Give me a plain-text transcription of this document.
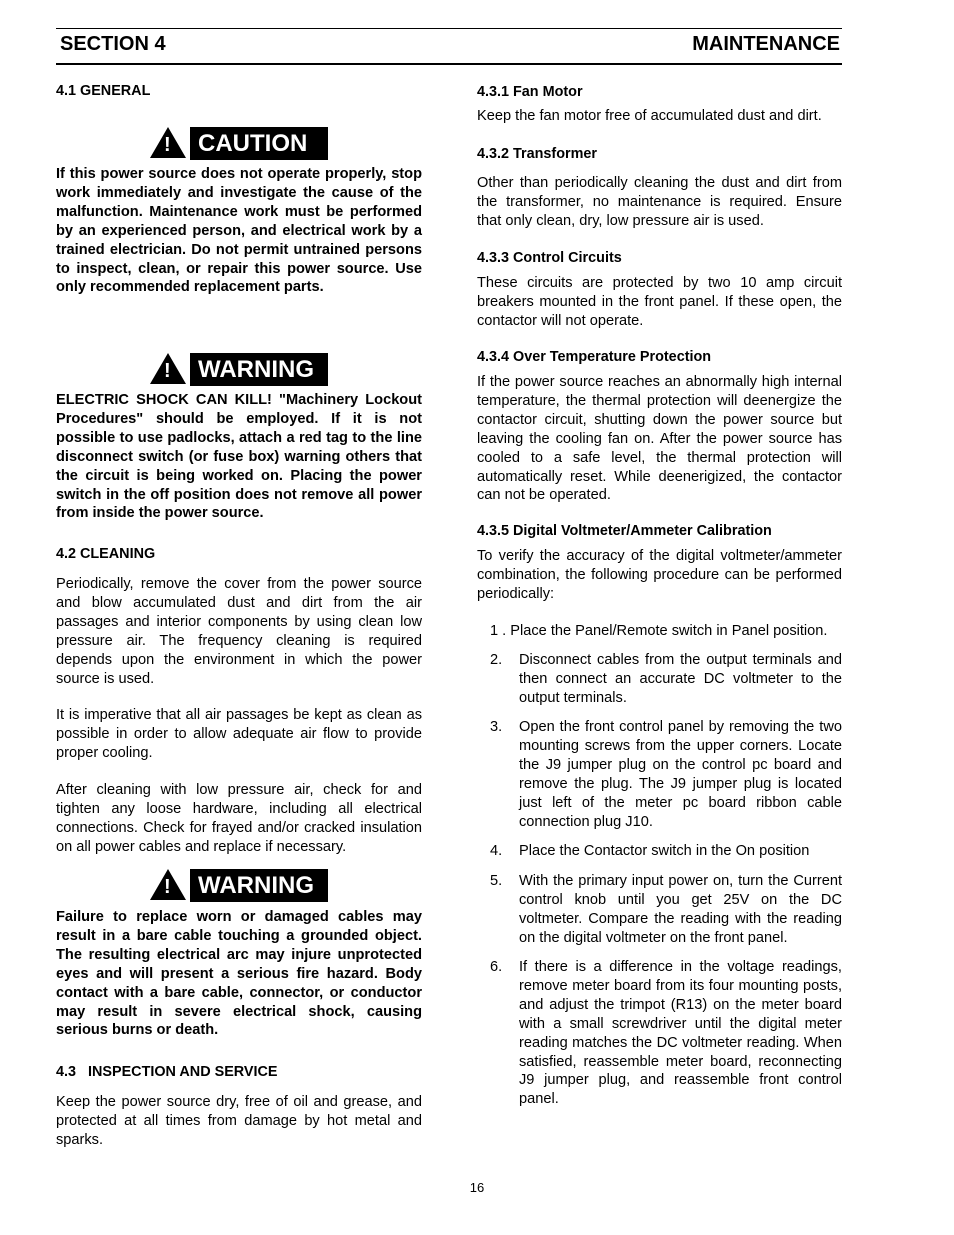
SECTION 4	MAINTENANCE

4.1 GENERAL

!	CAUTION

If this power source does not operate properly, stop work immediately and investigate the cause of the malfunction. Maintenance work must be performed by an experienced person, and electrical work by a trained electrician. Do not permit untrained persons to inspect, clean, or repair this power source. Use only recommended replacement parts.

!	WARNING

ELECTRIC SHOCK CAN KILL! "Machinery Lockout Procedures" should be employed. If it is not possible to use padlocks, attach a red tag to the line disconnect switch (or fuse box) warning others that the circuit is being worked on. Placing the power switch in the off position does not remove all power from inside the power source.

4.2 CLEANING

Periodically, remove the cover from the power source and blow accumulated dust and dirt from the air passages and interior components by using clean low pressure air. The frequency cleaning is required depends upon the environment in which the power source is used.

It is imperative that all air passages be kept as clean as possible in order to allow adequate air flow to provide proper cooling.

After cleaning with low pressure air, check for and tighten any loose hardware, including all electrical connections. Check for frayed and/or cracked insulation on all power cables and replace if necessary.

!	WARNING

Failure to replace worn or damaged cables may result in a bare cable touching a grounded object. The resulting electrical arc may injure unprotected eyes and will present a serious fire hazard. Body contact with a bare cable, connector, or conductor may result in severe electrical shock, causing serious burns or death.

4.3   INSPECTION AND SERVICE

Keep the power source dry, free of oil and grease, and protected at all times from damage by hot metal and sparks.

4.3.1 Fan Motor

Keep the fan motor free of accumulated dust and dirt.

4.3.2 Transformer

Other than periodically cleaning the dust and dirt from the transformer, no maintenance is required. Ensure that only clean, dry, low pressure air is used.

4.3.3 Control Circuits

These circuits are protected by two 10 amp circuit breakers mounted in the front panel. If these open, the contactor will not operate.

4.3.4 Over Temperature Protection

If the power source reaches an abnormally high internal temperature, the thermal protection will deenergize the contactor circuit, shutting down the power source but leaving the cooling fan on. After the power source has cooled to a safe level, the thermal protection will automatically reset. While deenerigized, the contactor can not be operated.

4.3.5 Digital Voltmeter/Ammeter Calibration

To verify the accuracy of the digital voltmeter/ammeter combination, the following procedure can be performed periodically:

1 . Place the Panel/Remote switch in Panel position.

2. Disconnect cables from the output terminals and then connect an accurate DC voltmeter to the output terminals.
3. Open the front control panel by removing the two mounting screws from the upper corners. Locate the J9 jumper plug on the control pc board and remove the plug. The J9 jumper plug is located just left of the meter pc board ribbon cable connection plug J10.
4. Place the Contactor switch in the On position
5. With the primary input power on, turn the Current control knob until you get 25V on the DC voltmeter. Compare the reading with the reading on the digital voltmeter on the front panel.
6. If there is a difference in the voltage readings, remove meter board from its four mounting posts, and adjust the trimpot (R13) on the meter board with a small screwdriver until the digital meter reading matches the DC voltmeter reading. When satisfied, reassemble meter board, reconnecting J9 jumper plug, and reassemble front control panel.
16
